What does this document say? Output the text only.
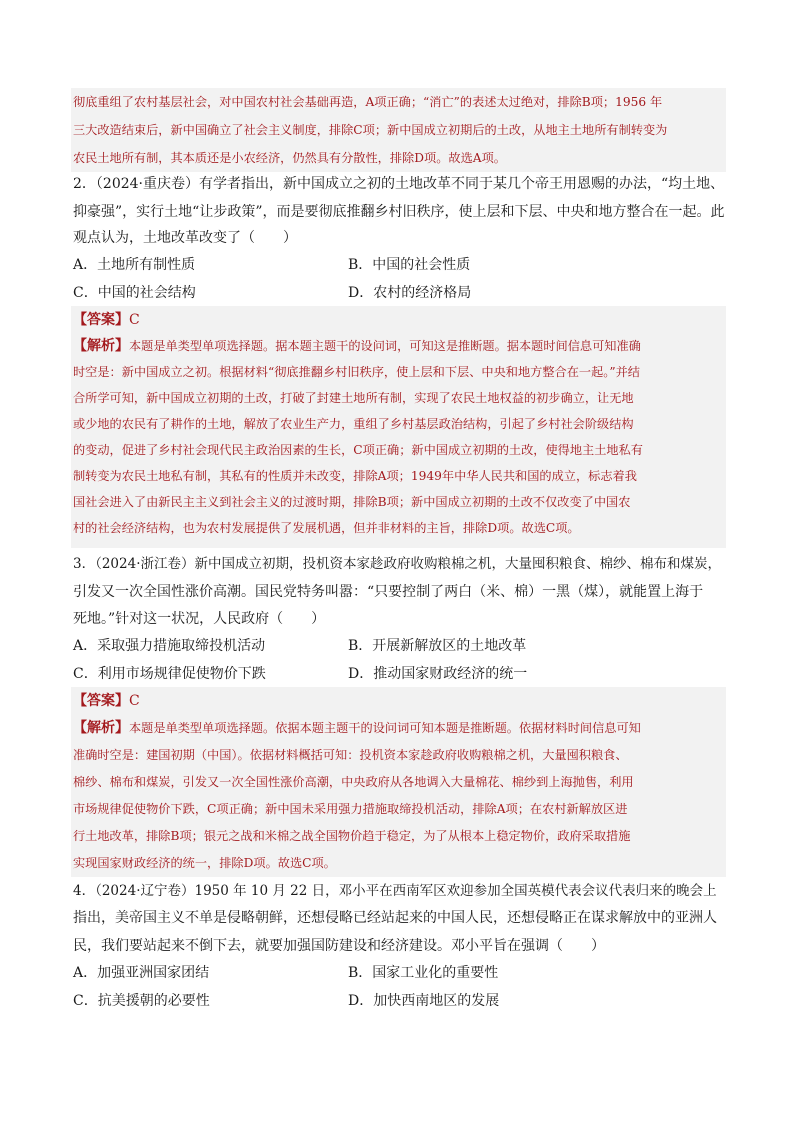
彻底重组了农村基层社会，对中国农村社会基础再造，A项正确；“消亡”的表述太过绝对，排除B项；1956 年
三大改造结束后，新中国确立了社会主义制度，排除C项；新中国成立初期后的土改，从地主土地所有制转变为
农民土地所有制，其本质还是小农经济，仍然具有分散性，排除D项。故选A项。
2．（2024·重庆卷）有学者指出，新中国成立之初的土地改革不同于某几个帝王用恩赐的办法，“均土地、
抑豪强”，实行土地“让步政策”，而是要彻底推翻乡村旧秩序，使上层和下层、中央和地方整合在一起。此
观点认为，土地改革改变了（　　）
A．土地所有制性质	B．中国的社会性质
C．中国的社会结构	D．农村的经济格局
【答案】C
【解析】本题是单类型单项选择题。据本题主题干的设问词，可知这是推断题。据本题时间信息可知准确
时空是：新中国成立之初。根据材料“彻底推翻乡村旧秩序，使上层和下层、中央和地方整合在一起。”并结
合所学可知，新中国成立初期的土改，打破了封建土地所有制，实现了农民土地权益的初步确立，让无地
或少地的农民有了耕作的土地，解放了农业生产力，重组了乡村基层政治结构，引起了乡村社会阶级结构
的变动，促进了乡村社会现代民主政治因素的生长，C项正确；新中国成立初期的土改，使得地主土地私有
制转变为农民土地私有制，其私有的性质并未改变，排除A项；1949年中华人民共和国的成立，标志着我
国社会进入了由新民主主义到社会主义的过渡时期，排除B项；新中国成立初期的土改不仅改变了中国农
村的社会经济结构，也为农村发展提供了发展机遇，但并非材料的主旨，排除D项。故选C项。
3．（2024·浙江卷）新中国成立初期，投机资本家趁政府收购粮棉之机，大量囤积粮食、棉纱、棉布和煤炭，
引发又一次全国性涨价高潮。国民党特务叫嚣：“只要控制了两白（米、棉）一黑（煤），就能置上海于
死地。”针对这一状况，人民政府（　　）
A．采取强力措施取缔投机活动	B．开展新解放区的土地改革
C．利用市场规律促使物价下跌	D．推动国家财政经济的统一
【答案】C
【解析】本题是单类型单项选择题。依据本题主题干的设问词可知本题是推断题。依据材料时间信息可知
准确时空是：建国初期（中国）。依据材料概括可知：投机资本家趁政府收购粮棉之机，大量囤积粮食、
棉纱、棉布和煤炭，引发又一次全国性涨价高潮，中央政府从各地调入大量棉花、棉纱到上海抛售，利用
市场规律促使物价下跌，C项正确；新中国未采用强力措施取缔投机活动，排除A项；在农村新解放区进
行土地改革，排除B项；银元之战和米棉之战全国物价趋于稳定，为了从根本上稳定物价，政府采取措施
实现国家财政经济的统一，排除D项。故选C项。
4．（2024·辽宁卷）1950 年 10 月 22 日，邓小平在西南军区欢迎参加全国英模代表会议代表归来的晚会上
指出，美帝国主义不单是侵略朝鲜，还想侵略已经站起来的中国人民，还想侵略正在谋求解放中的亚洲人
民，我们要站起来不倒下去，就要加强国防建设和经济建设。邓小平旨在强调（　　）
A．加强亚洲国家团结	B．国家工业化的重要性
C．抗美援朝的必要性	D．加快西南地区的发展
